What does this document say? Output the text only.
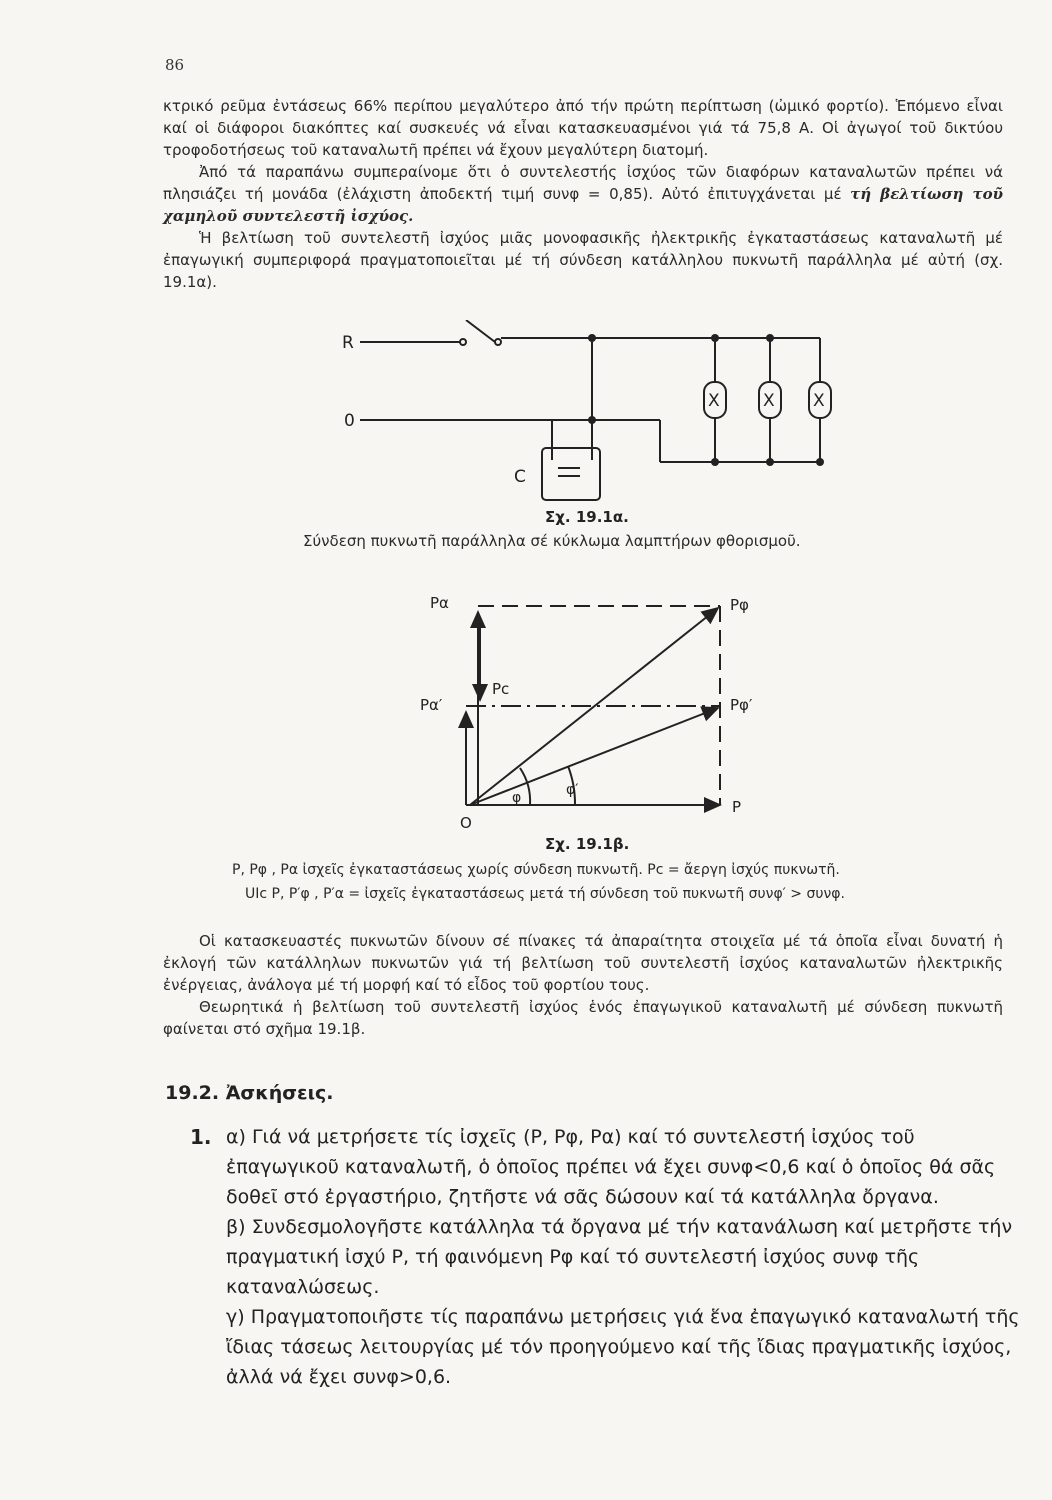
86

κτρικό ρεῦμα ἐντάσεως 66% περίπου μεγαλύτερο ἀπό τήν πρώτη περίπτωση (ὠμικό φορτίο). Ἑπόμενο εἶναι καί οἱ διάφοροι διακόπτες καί συσκευές νά εἶναι κατασκευασμένοι γιά τά 75,8 Α. Οἱ ἀγωγοί τοῦ δικτύου τροφοδοτήσεως τοῦ καταναλωτῆ πρέπει νά ἔχουν μεγαλύτερη διατομή.

Ἀπό τά παραπάνω συμπεραίνομε ὅτι ὁ συντελεστής ἰσχύος τῶν διαφόρων καταναλωτῶν πρέπει νά πλησιάζει τή μονάδα (ἐλάχιστη ἀποδεκτή τιμή συνφ = 0,85). Αὐτό ἐπιτυγχάνεται μέ τή βελτίωση τοῦ χαμηλοῦ συντελεστῆ ἰσχύος.

Ἡ βελτίωση τοῦ συντελεστῆ ἰσχύος μιᾶς μονοφασικῆς ἠλεκτρικῆς ἐγκαταστάσεως καταναλωτῆ μέ ἐπαγωγική συμπεριφορά πραγματοποιεῖται μέ τή σύνδεση κατάλληλου πυκνωτῆ παράλληλα μέ αὐτή (σχ. 19.1α).

R
0
C
X	X X
Σχ. 19.1α.
Σύνδεση πυκνωτῆ παράλληλα σέ κύκλωμα λαμπτήρων φθορισμοῦ.
Pα	Pφ
Pc
Pα′	Pφ′
φ	φ′
O
P
Σχ. 19.1β.
P, Pφ , Pα ἰσχεῖς ἐγκαταστάσεως χωρίς σύνδεση πυκνωτῆ. Pc = ἄεργη ἰσχύς πυκνωτῆ.
UIc P, P′φ , P′α = ἰσχεῖς ἐγκαταστάσεως μετά τή σύνδεση τοῦ πυκνωτῆ συνφ′ > συνφ.

Οἱ κατασκευαστές πυκνωτῶν δίνουν σέ πίνακες τά ἀπαραίτητα στοιχεῖα μέ τά ὁποῖα εἶναι δυνατή ἡ ἐκλογή τῶν κατάλληλων πυκνωτῶν γιά τή βελτίωση τοῦ συντελεστῆ ἰσχύος καταναλωτῶν ἠλεκτρικῆς ἐνέργειας, ἀνάλογα μέ τή μορφή καί τό εἶδος τοῦ φορτίου τους.

Θεωρητικά ἡ βελτίωση τοῦ συντελεστῆ ἰσχύος ἑνός ἐπαγωγικοῦ καταναλωτῆ μέ σύνδεση πυκνωτῆ φαίνεται στό σχῆμα 19.1β.

19.2. Ἀσκήσεις.
1. α) Γιά νά μετρήσετε τίς ἰσχεῖς (P, Pφ, Pα) καί τό συντελεστή ἰσχύος τοῦ ἐπαγωγικοῦ καταναλωτῆ, ὁ ὁποῖος πρέπει νά ἔχει συνφ<0,6 καί ὁ ὁποῖος θά σᾶς δοθεῖ στό ἐργαστήριο, ζητῆστε νά σᾶς δώσουν καί τά κατάλληλα ὄργανα.

β) Συνδεσμολογῆστε κατάλληλα τά ὄργανα μέ τήν κατανάλωση καί μετρῆστε τήν πραγματική ἰσχύ P, τή φαινόμενη Pφ καί τό συντελεστή ἰσχύος συνφ τῆς καταναλώσεως.

γ) Πραγματοποιῆστε τίς παραπάνω μετρήσεις γιά ἕνα ἐπαγωγικό καταναλωτή τῆς ἴδιας τάσεως λειτουργίας μέ τόν προηγούμενο καί τῆς ἴδιας πραγματικῆς ἰσχύος, ἀλλά νά ἔχει συνφ>0,6.
